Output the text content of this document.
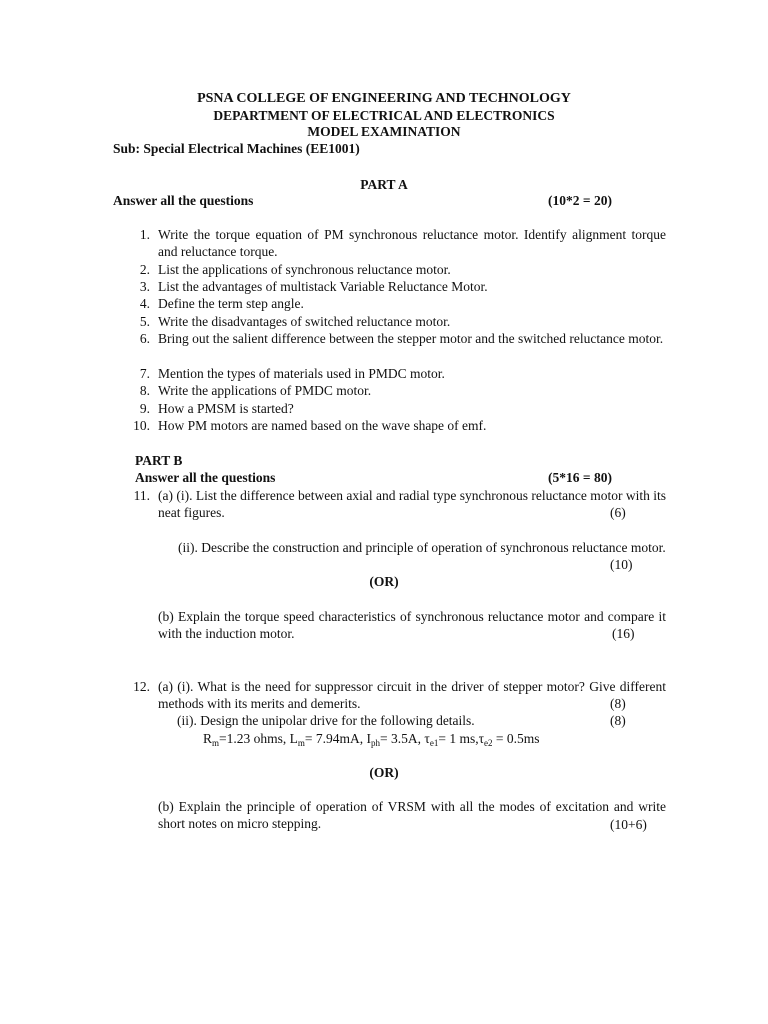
PSNA COLLEGE OF ENGINEERING AND TECHNOLOGY
DEPARTMENT OF ELECTRICAL AND ELECTRONICS
MODEL EXAMINATION
Sub: Special Electrical Machines (EE1001)
PART A
Answer all the questions	(10*2 = 20)
1. Write the torque equation of PM synchronous reluctance motor. Identify alignment torque and reluctance torque.
2. List the applications of synchronous reluctance motor.
3. List the advantages of multistack Variable Reluctance Motor.
4. Define the term step angle.
5. Write the disadvantages of switched reluctance motor.
6. Bring out the salient difference between the stepper motor and the switched reluctance motor.
7. Mention the types of materials used in PMDC motor.
8. Write the applications of PMDC motor.
9. How a PMSM is started?
10. How PM motors are named based on the wave shape of emf.
PART B
Answer all the questions	(5*16 = 80)
11. (a) (i). List the difference between axial and radial type synchronous reluctance motor with its neat figures.	(6)
(ii). Describe the construction and principle of operation of synchronous reluctance motor.
(10)
(OR)
(b) Explain the torque speed characteristics of synchronous reluctance motor and compare it with the induction motor.	(16)
12. (a) (i). What is the need for suppressor circuit in the driver of stepper motor? Give different methods with its merits and demerits.	(8)
(ii). Design the unipolar drive for the following details.	(8)
$R_m=1.23$ ohms, $L_m= 7.94mA$, $I_{ph}= 3.5A$, $\tau_{e1}= 1$ $ms,\tau_{e2} = 0.5ms$
(OR)
(b) Explain the principle of operation of VRSM with all the modes of excitation and write short notes on micro stepping.	(10+6)
